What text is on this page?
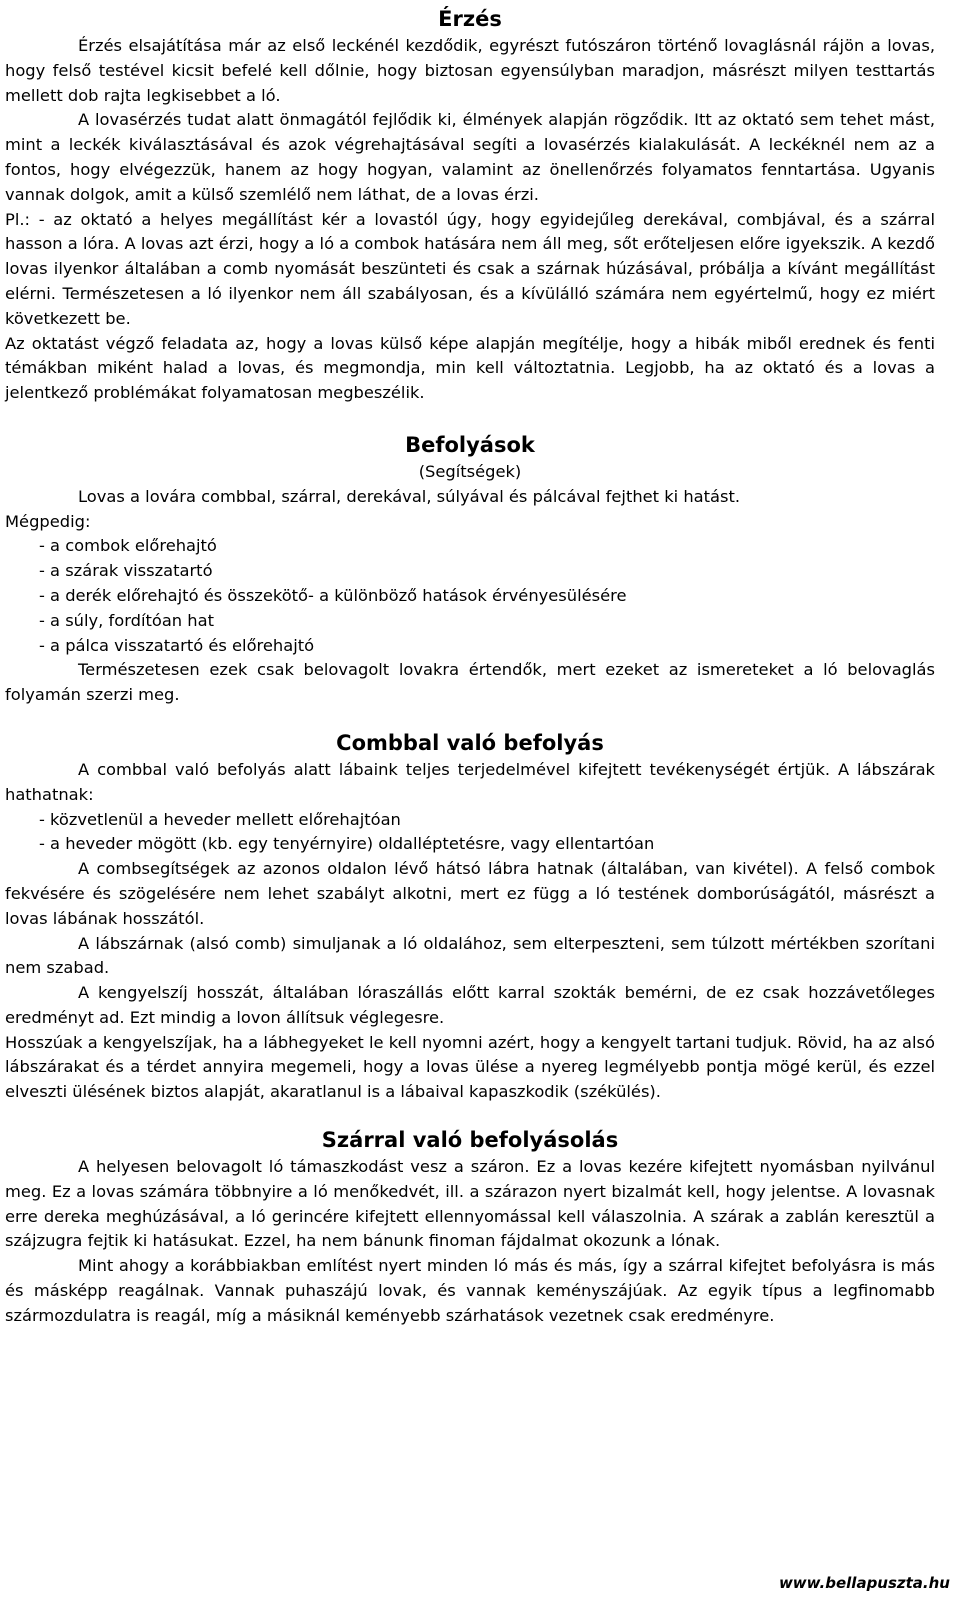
Érzés

Érzés elsajátítása már az első leckénél kezdődik, egyrészt futószáron történő lovaglásnál rájön a lovas, hogy felső testével kicsit befelé kell dőlnie, hogy biztosan egyensúlyban maradjon, másrészt milyen testtartás mellett dob rajta legkisebbet a ló.

A lovasérzés tudat alatt önmagától fejlődik ki, élmények alapján rögződik. Itt az oktató sem tehet mást, mint a leckék kiválasztásával és azok végrehajtásával segíti a lovasérzés kialakulását. A leckéknél nem az a fontos, hogy elvégezzük, hanem az hogy hogyan, valamint az önellenőrzés folyamatos fenntartása. Ugyanis vannak dolgok, amit a külső szemlélő nem láthat, de a lovas érzi.

Pl.: - az oktató a helyes megállítást kér a lovastól úgy, hogy egyidejűleg derekával, combjával, és a szárral hasson a lóra. A lovas azt érzi, hogy a ló a combok hatására nem áll meg, sőt erőteljesen előre igyekszik. A kezdő lovas ilyenkor általában a comb nyomását beszünteti és csak a szárnak húzásával, próbálja a kívánt megállítást elérni. Természetesen a ló ilyenkor nem áll szabályosan, és a kívülálló számára nem egyértelmű, hogy ez miért következett be.

Az oktatást végző feladata az, hogy a lovas külső képe alapján megítélje, hogy a hibák miből erednek és fenti témákban miként halad a lovas, és megmondja, min kell változtatnia. Legjobb, ha az oktató és a lovas a jelentkező problémákat folyamatosan megbeszélik.

Befolyások

(Segítségek)

Lovas a lovára combbal, szárral, derekával, súlyával és pálcával fejthet ki hatást.

Mégpedig:

- a combok előrehajtó
- a szárak visszatartó
- a derék előrehajtó és összekötő- a különböző hatások érvényesülésére
- a súly, fordítóan hat
- a pálca visszatartó és előrehajtó

Természetesen ezek csak belovagolt lovakra értendők, mert ezeket az ismereteket a ló belovaglás folyamán szerzi meg.

Combbal való befolyás

A combbal való befolyás alatt lábaink teljes terjedelmével kifejtett tevékenységét értjük. A lábszárak hathatnak:

- közvetlenül a heveder mellett előrehajtóan
- a heveder mögött (kb. egy tenyérnyire) oldalléptetésre, vagy ellentartóan

A combsegítségek az azonos oldalon lévő hátsó lábra hatnak (általában, van kivétel). A felső combok fekvésére és szögelésére nem lehet szabályt alkotni, mert ez függ a ló testének domborúságától, másrészt a lovas lábának hosszától.

A lábszárnak (alsó comb) simuljanak a ló oldalához, sem elterpeszteni, sem túlzott mértékben szorítani nem szabad.

A kengyelszíj hosszát, általában lóraszállás előtt karral szokták bemérni, de ez csak hozzávetőleges eredményt ad. Ezt mindig a lovon állítsuk véglegesre.

Hosszúak a kengyelszíjak, ha a lábhegyeket le kell nyomni azért, hogy a kengyelt tartani tudjuk. Rövid, ha az alsó lábszárakat és a térdet annyira megemeli, hogy a lovas ülése a nyereg legmélyebb pontja mögé kerül, és ezzel elveszti ülésének biztos alapját, akaratlanul is a lábaival kapaszkodik (székülés).

Szárral való befolyásolás

A helyesen belovagolt ló támaszkodást vesz a száron. Ez a lovas kezére kifejtett nyomásban nyilvánul meg. Ez a lovas számára többnyire a ló menőkedvét, ill. a szárazon nyert bizalmát kell, hogy jelentse. A lovasnak erre dereka meghúzásával, a ló gerincére kifejtett ellennyomással kell válaszolnia. A szárak a zablán keresztül a szájzugra fejtik ki hatásukat. Ezzel, ha nem bánunk finoman fájdalmat okozunk a lónak.

Mint ahogy a korábbiakban említést nyert minden ló más és más, így a szárral kifejtet befolyásra is más és másképp reagálnak. Vannak puhaszájú lovak, és vannak keményszájúak. Az egyik típus a legfinomabb szármozdulatra is reagál, míg a másiknál keményebb szárhatások vezetnek csak eredményre.

www.bellapuszta.hu
